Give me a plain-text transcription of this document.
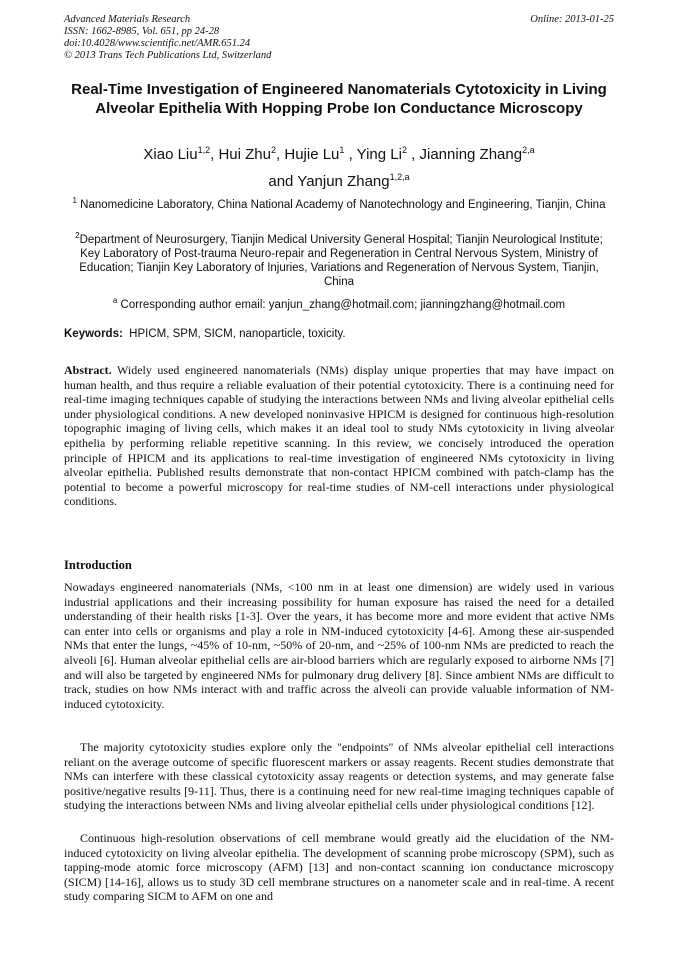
Advanced Materials Research
ISSN: 1662-8985, Vol. 651, pp 24-28
doi:10.4028/www.scientific.net/AMR.651.24
© 2013 Trans Tech Publications Ltd, Switzerland
Online: 2013-01-25
Real-Time Investigation of Engineered Nanomaterials Cytotoxicity in Living Alveolar Epithelia With Hopping Probe Ion Conductance Microscopy
Xiao Liu$^{1,2}$, Hui Zhu$^2$, Hujie Lu$^1$ , Ying Li$^2$ , Jianning Zhang$^{2,a}$
and Yanjun Zhang$^{1,2,a}$
$^1$ Nanomedicine Laboratory, China National Academy of Nanotechnology and Engineering, Tianjin, China
$^2$Department of Neurosurgery, Tianjin Medical University General Hospital; Tianjin Neurological Institute; Key Laboratory of Post-trauma Neuro-repair and Regeneration in Central Nervous System, Ministry of Education; Tianjin Key Laboratory of Injuries, Variations and Regeneration of Nervous System, Tianjin, China
$^a$ Corresponding author email: yanjun_zhang@hotmail.com; jianningzhang@hotmail.com
Keywords:  HPICM, SPM, SICM, nanoparticle, toxicity.
Abstract. Widely used engineered nanomaterials (NMs) display unique properties that may have impact on human health, and thus require a reliable evaluation of their potential cytotoxicity. There is a continuing need for real-time imaging techniques capable of studying the interactions between NMs and living alveolar epithelial cells under physiological conditions. A new developed noninvasive HPICM is designed for continuous high-resolution topographic imaging of living cells, which makes it an ideal tool to study NMs cytotoxicity in living alveolar epithelia by performing reliable repetitive scanning. In this review, we concisely introduced the operation principle of HPICM and its applications to real-time investigation of engineered NMs cytotoxicity in living alveolar epithelia. Published results demonstrate that non-contact HPICM combined with patch-clamp has the potential to become a powerful microscopy for real-time studies of NM-cell interactions under physiological conditions.
Introduction
Nowadays engineered nanomaterials (NMs, <100 nm in at least one dimension) are widely used in various industrial applications and their increasing possibility for human exposure has raised the need for a detailed understanding of their health risks [1-3]. Over the years, it has become more and more evident that active NMs can enter into cells or organisms and play a role in NM-induced cytotoxicity [4-6]. Among these air-suspended NMs that enter the lungs, ~45% of 10-nm, ~50% of 20-nm, and ~25% of 100-nm NMs are predicted to reach the alveoli [6]. Human alveolar epithelial cells are air-blood barriers which are regularly exposed to airborne NMs [7] and will also be targeted by engineered NMs for pulmonary drug delivery [8]. Since ambient NMs are difficult to track, studies on how NMs interact with and traffic across the alveoli can provide valuable information of NM-induced cytotoxicity.
The majority cytotoxicity studies explore only the "endpoints" of NMs alveolar epithelial cell interactions reliant on the average outcome of specific fluorescent markers or assay reagents. Recent studies demonstrate that NMs can interfere with these classical cytotoxicity assay reagents or detection systems, and may generate false positive/negative results [9-11]. Thus, there is a continuing need for new real-time imaging techniques capable of studying the interactions between NMs and living alveolar epithelial cells under physiological conditions [12].
Continuous high-resolution observations of cell membrane would greatly aid the elucidation of the NM-induced cytotoxicity on living alveolar epithelia. The development of scanning probe microscopy (SPM), such as tapping-mode atomic force microscopy (AFM) [13] and non-contact scanning ion conductance microscopy (SICM) [14-16], allows us to study 3D cell membrane structures on a nanometer scale and in real-time. A recent study comparing SICM to AFM on one and
